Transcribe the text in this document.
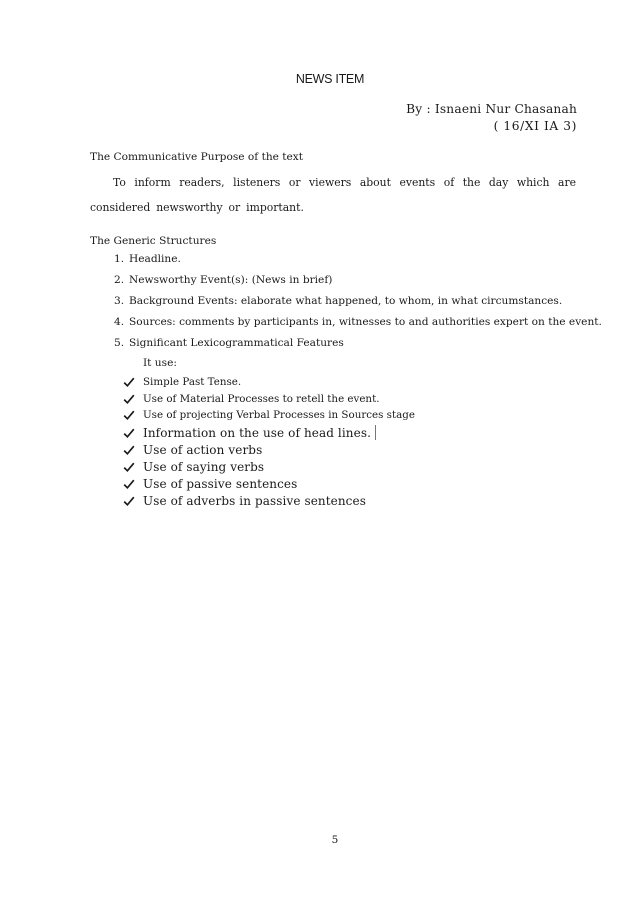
NEWS ITEM
By : Isnaeni Nur Chasanah
( 16/XI IA 3)
The Communicative Purpose of the text

To inform readers, listeners or viewers about events of the day which are considered newsworthy or important.

The Generic Structures
1. Headline.
2. Newsworthy Event(s): (News in brief)
3. Background Events: elaborate what happened, to whom, in what circumstances.
4. Sources: comments by participants in, witnesses to and authorities expert on the event.
5. Significant Lexicogrammatical Features
It use:
Simple Past Tense.
Use of Material Processes to retell the event.
Use of projecting Verbal Processes in Sources stage
Information on the use of head lines.
Use of action verbs
Use of saying verbs
Use of passive sentences
Use of adverbs in passive sentences
5
